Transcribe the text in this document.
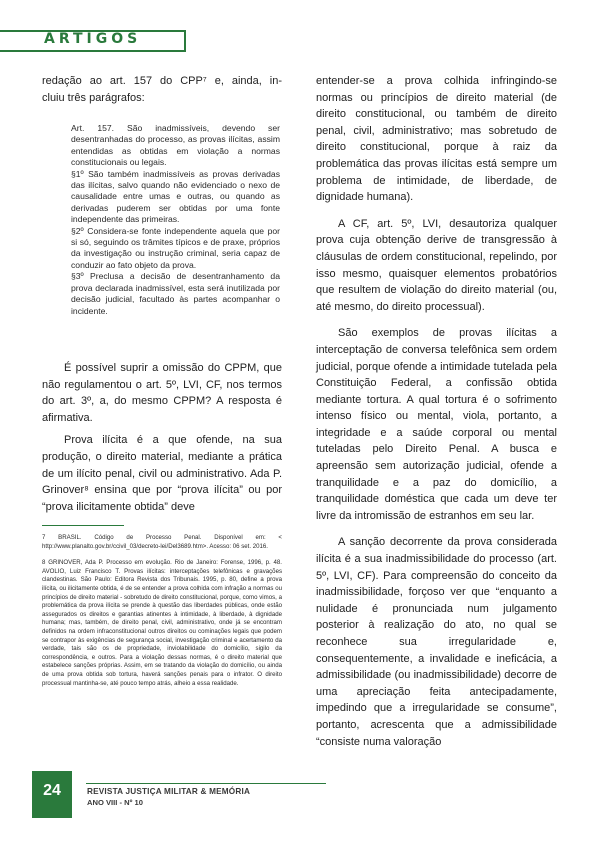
ARTIGOS

redação ao art. 157 do CPP⁷ e, ainda, in-

cluiu três parágrafos:

Art. 157. São inadmissíveis, devendo ser desentranhadas do processo, as provas ilícitas, assim entendidas as obtidas em violação a normas constitucionais ou legais.

§1º São também inadmissíveis as provas derivadas das ilícitas, salvo quando não evidenciado o nexo de causalidade entre umas e outras, ou quando as derivadas puderem ser obtidas por uma fonte independente das primeiras.

§2º Considera-se fonte independente aquela que por si só, seguindo os trâmites típicos e de praxe, próprios da investigação ou instrução criminal, seria capaz de conduzir ao fato objeto da prova.

§3º Preclusa a decisão de desentranhamento da prova declarada inadmissível, esta será inutilizada por decisão judicial, facultado às partes acompanhar o incidente.

É possível suprir a omissão do CPPM, que não regulamentou o art. 5º, LVI, CF, nos termos do art. 3º, a, do mesmo CPPM? A resposta é afirmativa.

Prova ilícita é a que ofende, na sua produção, o direito material, mediante a prática de um ilícito penal, civil ou administrativo. Ada P. Grinover⁸ ensina que por “prova ilícita” ou por “prova ilicitamente obtida” deve

7 BRASIL. Código de Processo Penal. Disponível em: < http://www.planalto.gov.br/ccivil_03/decreto-lei/Del3689.htm>. Acesso: 06 set. 2016.

8 GRINOVER, Ada P. Processo em evolução. Rio de Janeiro: Forense, 1996, p. 48. AVOLIO, Luiz Francisco T. Provas ilícitas: interceptações telefônicas e gravações clandestinas. São Paulo: Editora Revista dos Tribunais. 1995, p. 80, define a prova ilícita, ou ilicitamente obtida, é de se entender a prova colhida com infração a normas ou princípios de direito material - sobretudo de direito constitucional, porque, como vimos, a problemática da prova ilícita se prende à questão das liberdades públicas, onde estão assegurados os direitos e garantias atinentes à intimidade, à liberdade, à dignidade humana; mas, também, de direito penal, civil, administrativo, onde já se encontram definidos na ordem infraconstitucional outros direitos ou cominações legais que podem se contrapor às exigências de segurança social, investigação criminal e acertamento da verdade, tais são os de propriedade, inviolabilidade do domicílio, sigilo da correspondência, e outros. Para a violação dessas normas, é o direito material que estabelece sanções próprias. Assim, em se tratando da violação do domicílio, ou ainda de uma prova obtida sob tortura, haverá sanções penais para o infrator. O direito processual mantinha-se, até pouco tempo atrás, alheio a essa realidade.

entender-se a prova colhida infringindo-se normas ou princípios de direito material (de direito constitucional, ou também de direito penal, civil, administrativo; mas sobretudo de direito constitucional, porque à raiz da problemática das provas ilícitas está sempre um problema de intimidade, de liberdade, de dignidade humana).

A CF, art. 5º, LVI, desautoriza qualquer prova cuja obtenção derive de transgressão à cláusulas de ordem constitucional, repelindo, por isso mesmo, quaisquer elementos probatórios que resultem de violação do direito material (ou, até mesmo, do direito processual).

São exemplos de provas ilícitas a interceptação de conversa telefônica sem ordem judicial, porque ofende a intimidade tutelada pela Constituição Federal, a confissão obtida mediante tortura. A qual tortura é o sofrimento intenso físico ou mental, viola, portanto, a integridade e a saúde corporal ou mental tuteladas pelo Direito Penal. A busca e apreensão sem autorização judicial, ofende a tranquilidade e a paz do domicílio, a tranquilidade doméstica que cada um deve ter livre da intromissão de estranhos em seu lar.

A sanção decorrente da prova considerada ilícita é a sua inadmissibilidade do processo (art. 5º, LVI, CF). Para compreensão do conceito da inadmissibilidade, forçoso ver que “enquanto a nulidade é pronunciada num julgamento posterior à realização do ato, no qual se reconhece sua irregularidade e, consequentemente, a invalidade e ineficácia, a admissibilidade (ou inadmissibilidade) decorre de uma apreciação feita antecipadamente, impedindo que a irregularidade se consume”, portanto, acrescenta que a admissibilidade “consiste numa valoração

24	REVISTA JUSTIÇA MILITAR & MEMÓRIA
ANO VIII - Nº 10
